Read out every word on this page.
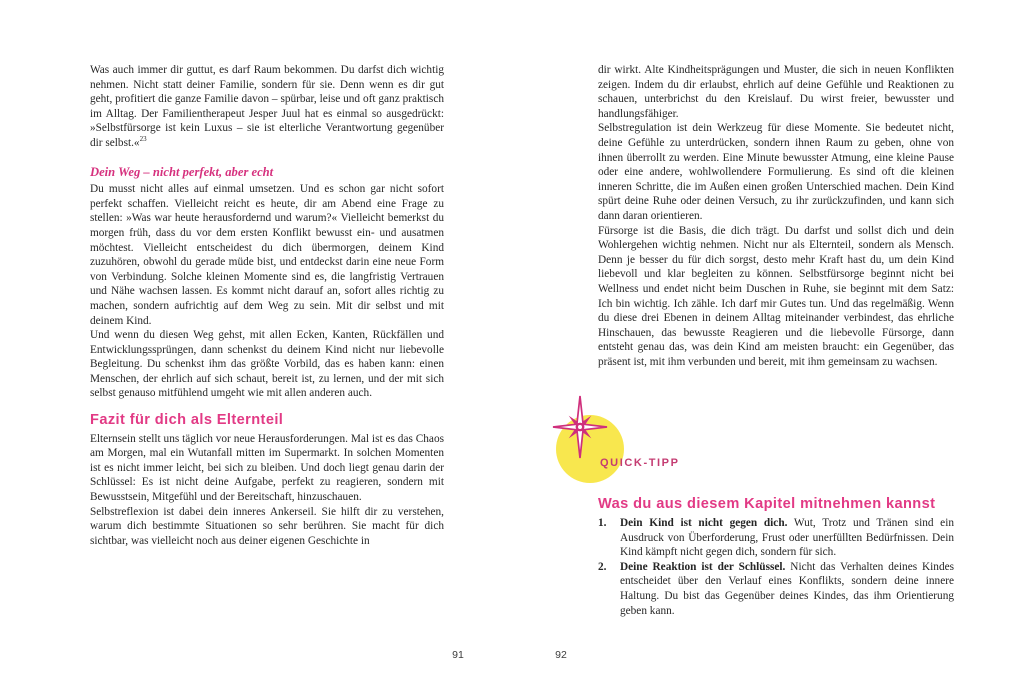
Was auch immer dir guttut, es darf Raum bekommen. Du darfst dich wichtig nehmen. Nicht statt deiner Familie, sondern für sie. Denn wenn es dir gut geht, profitiert die ganze Familie davon – spürbar, leise und oft ganz praktisch im Alltag. Der Familientherapeut Jesper Juul hat es einmal so ausgedrückt: »Selbstfürsorge ist kein Luxus – sie ist elterliche Verantwortung gegenüber dir selbst.«$^{23}$

Dein Weg – nicht perfekt, aber echt

Du musst nicht alles auf einmal umsetzen. Und es schon gar nicht sofort perfekt schaffen. Vielleicht reicht es heute, dir am Abend eine Frage zu stellen: »Was war heute herausfordernd und warum?« Vielleicht bemerkst du morgen früh, dass du vor dem ersten Konflikt bewusst ein- und ausatmen möchtest. Vielleicht entscheidest du dich übermorgen, deinem Kind zuzuhören, obwohl du gerade müde bist, und entdeckst darin eine neue Form von Verbindung. Solche kleinen Momente sind es, die langfristig Vertrauen und Nähe wachsen lassen. Es kommt nicht darauf an, sofort alles richtig zu machen, sondern aufrichtig auf dem Weg zu sein. Mit dir selbst und mit deinem Kind.

Und wenn du diesen Weg gehst, mit allen Ecken, Kanten, Rückfällen und Entwicklungssprüngen, dann schenkst du deinem Kind nicht nur liebevolle Begleitung. Du schenkst ihm das größte Vorbild, das es haben kann: einen Menschen, der ehrlich auf sich schaut, bereit ist, zu lernen, und der mit sich selbst genauso mitfühlend umgeht wie mit allen anderen auch.

Fazit für dich als Elternteil

Elternsein stellt uns täglich vor neue Herausforderungen. Mal ist es das Chaos am Morgen, mal ein Wutanfall mitten im Supermarkt. In solchen Momenten ist es nicht immer leicht, bei sich zu bleiben. Und doch liegt genau darin der Schlüssel: Es ist nicht deine Aufgabe, perfekt zu reagieren, sondern mit Bewusstsein, Mitgefühl und der Bereitschaft, hinzuschauen.

Selbstreflexion ist dabei dein inneres Ankerseil. Sie hilft dir zu verstehen, warum dich bestimmte Situationen so sehr berühren. Sie macht für dich sichtbar, was vielleicht noch aus deiner eigenen Geschichte in

dir wirkt. Alte Kindheitsprägungen und Muster, die sich in neuen Konflikten zeigen. Indem du dir erlaubst, ehrlich auf deine Gefühle und Reaktionen zu schauen, unterbrichst du den Kreislauf. Du wirst freier, bewusster und handlungsfähiger.

Selbstregulation ist dein Werkzeug für diese Momente. Sie bedeutet nicht, deine Gefühle zu unterdrücken, sondern ihnen Raum zu geben, ohne von ihnen überrollt zu werden. Eine Minute bewusster Atmung, eine kleine Pause oder eine andere, wohlwollendere Formulierung. Es sind oft die kleinen inneren Schritte, die im Außen einen großen Unterschied machen. Dein Kind spürt deine Ruhe oder deinen Versuch, zu ihr zurückzufinden, und kann sich dann daran orientieren.

Fürsorge ist die Basis, die dich trägt. Du darfst und sollst dich und dein Wohlergehen wichtig nehmen. Nicht nur als Elternteil, sondern als Mensch. Denn je besser du für dich sorgst, desto mehr Kraft hast du, um dein Kind liebevoll und klar begleiten zu können. Selbstfürsorge beginnt nicht bei Wellness und endet nicht beim Duschen in Ruhe, sie beginnt mit dem Satz: Ich bin wichtig. Ich zähle. Ich darf mir Gutes tun. Und das regelmäßig. Wenn du diese drei Ebenen in deinem Alltag miteinander verbindest, das ehrliche Hinschauen, das bewusste Reagieren und die liebevolle Fürsorge, dann entsteht genau das, was dein Kind am meisten braucht: ein Gegenüber, das präsent ist, mit ihm verbunden und bereit, mit ihm gemeinsam zu wachsen.

QUICK-TIPP
Was du aus diesem Kapitel mitnehmen kannst

1. Dein Kind ist nicht gegen dich. Wut, Trotz und Tränen sind ein Ausdruck von Überforderung, Frust oder unerfüllten Bedürfnissen. Dein Kind kämpft nicht gegen dich, sondern für sich.

2. Deine Reaktion ist der Schlüssel. Nicht das Verhalten deines Kindes entscheidet über den Verlauf eines Konflikts, sondern deine innere Haltung. Du bist das Gegenüber deines Kindes, das ihm Orientierung geben kann.

91	92
